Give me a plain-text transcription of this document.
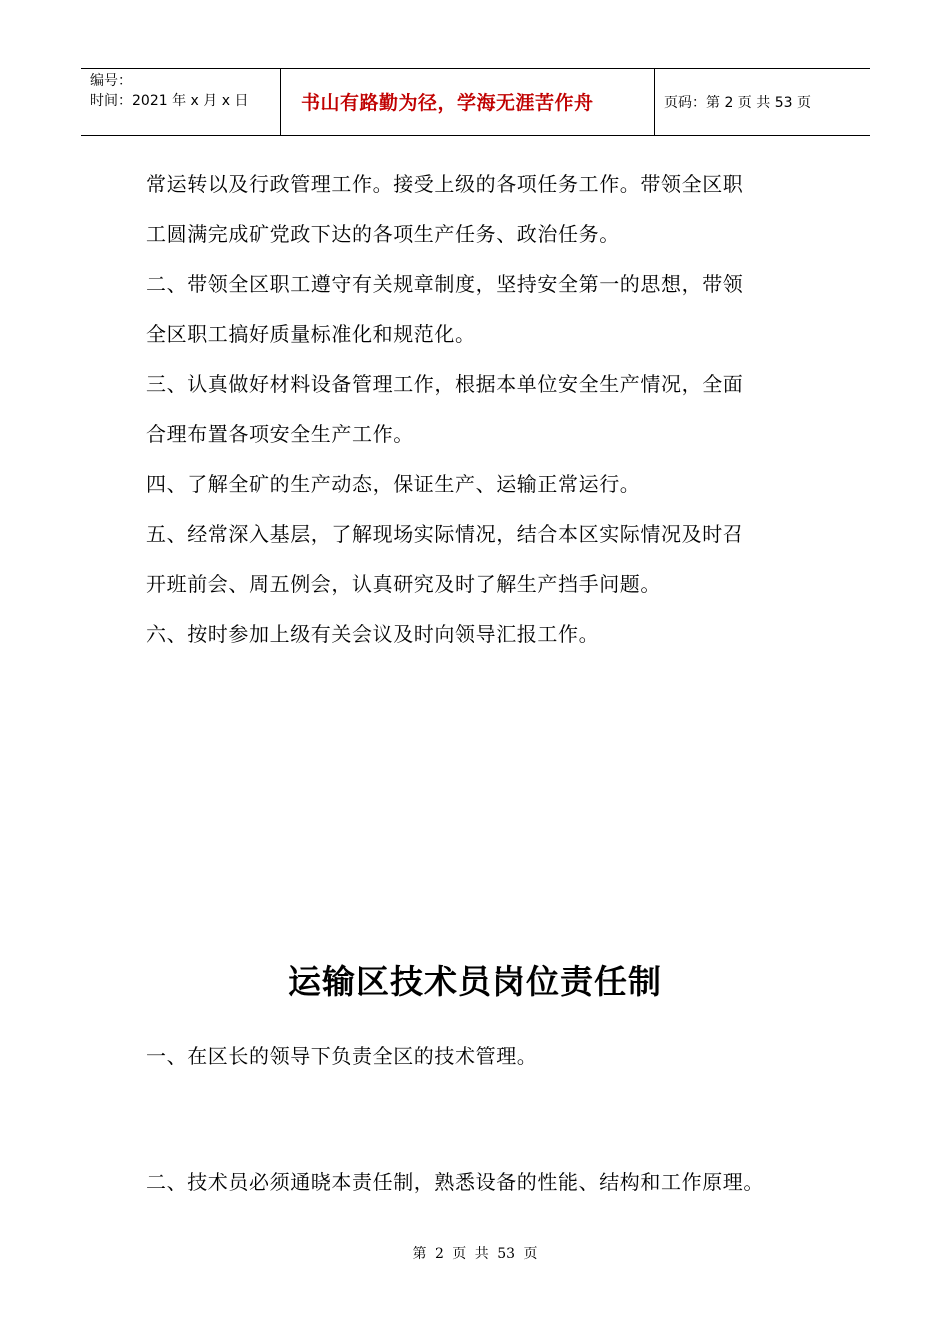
编号：
时间：2021 年 x 月 x 日	书山有路勤为径，学海无涯苦作舟	页码：第 2 页 共 53 页
常运转以及行政管理工作。接受上级的各项任务工作。带领全区职
工圆满完成矿党政下达的各项生产任务、政治任务。
二、带领全区职工遵守有关规章制度，坚持安全第一的思想，带领
全区职工搞好质量标准化和规范化。
三、认真做好材料设备管理工作，根据本单位安全生产情况，全面
合理布置各项安全生产工作。
四、了解全矿的生产动态，保证生产、运输正常运行。
五、经常深入基层，了解现场实际情况，结合本区实际情况及时召
开班前会、周五例会，认真研究及时了解生产挡手问题。
六、按时参加上级有关会议及时向领导汇报工作。
运输区技术员岗位责任制
一、在区长的领导下负责全区的技术管理。
二、技术员必须通晓本责任制，熟悉设备的性能、结构和工作原理。
第 2 页 共 53 页
